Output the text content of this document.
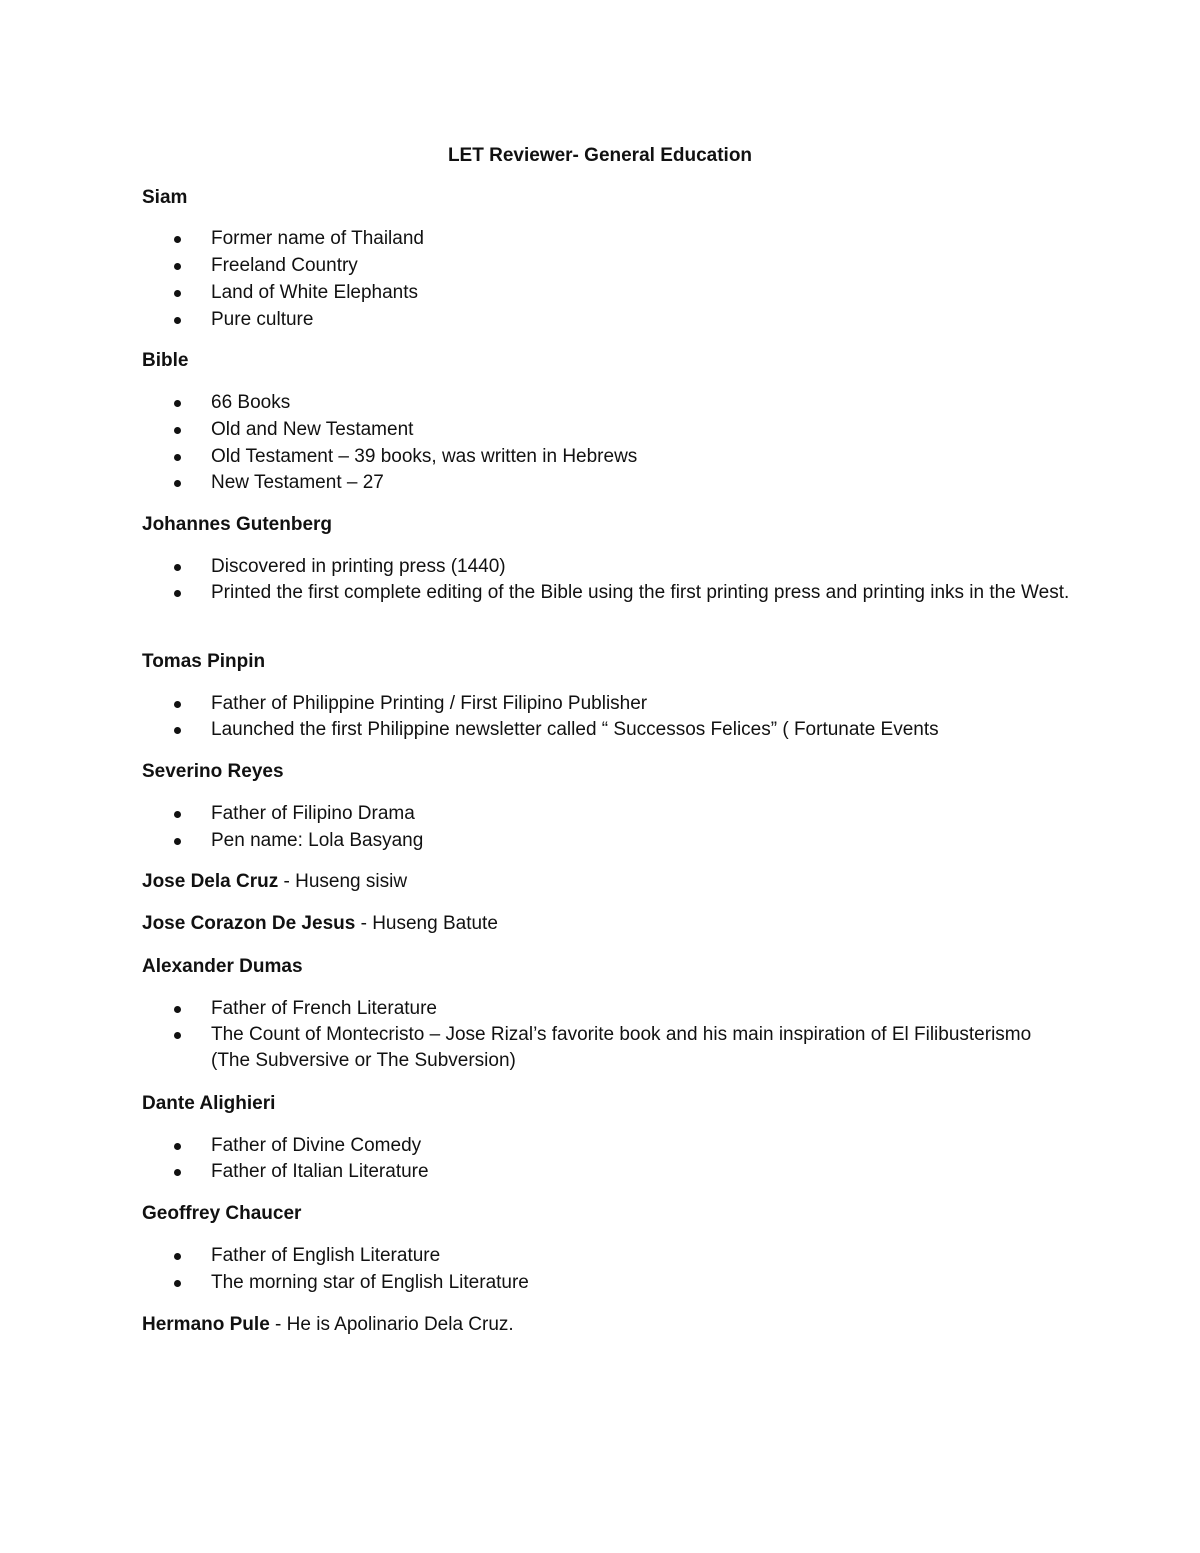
LET Reviewer- General Education

Siam

Former name of Thailand

Freeland Country

Land of White Elephants

Pure culture

Bible

66 Books

Old and New Testament

Old Testament – 39 books, was written in Hebrews

New Testament – 27

Johannes Gutenberg

Discovered in printing press (1440)

Printed the first complete editing of the Bible using the first printing press and printing inks in the West.

Tomas Pinpin

Father of Philippine Printing / First Filipino Publisher

Launched the first Philippine newsletter called “ Successos Felices” ( Fortunate Events

Severino Reyes

Father of Filipino Drama

Pen name: Lola Basyang

Jose Dela Cruz - Huseng sisiw

Jose Corazon De Jesus - Huseng Batute

Alexander Dumas

Father of French Literature

The Count of Montecristo – Jose Rizal’s favorite book and his main inspiration of El Filibusterismo (The Subversive or The Subversion)

Dante Alighieri

Father of Divine Comedy

Father of Italian Literature

Geoffrey Chaucer

Father of English Literature

The morning star of English Literature

Hermano Pule - He is Apolinario Dela Cruz.
